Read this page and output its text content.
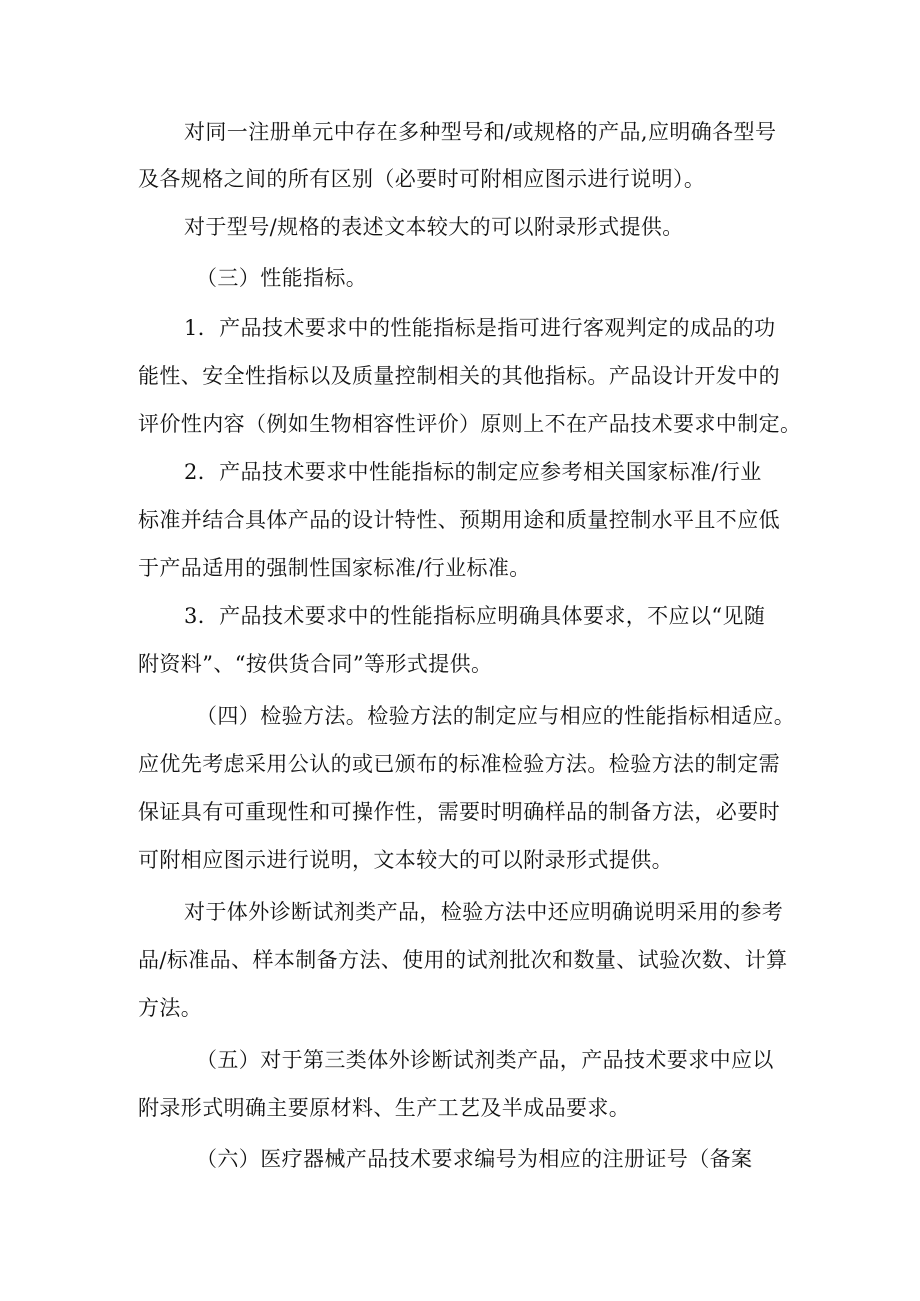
对同一注册单元中存在多种型号和/或规格的产品,应明确各型号
及各规格之间的所有区别（必要时可附相应图示进行说明）。
对于型号/规格的表述文本较大的可以附录形式提供。
（三）性能指标。
1．产品技术要求中的性能指标是指可进行客观判定的成品的功
能性、安全性指标以及质量控制相关的其他指标。产品设计开发中的
评价性内容（例如生物相容性评价）原则上不在产品技术要求中制定。
2．产品技术要求中性能指标的制定应参考相关国家标准/行业
标准并结合具体产品的设计特性、预期用途和质量控制水平且不应低
于产品适用的强制性国家标准/行业标准。
3．产品技术要求中的性能指标应明确具体要求，不应以“见随
附资料”、“按供货合同”等形式提供。
（四）检验方法。检验方法的制定应与相应的性能指标相适应。
应优先考虑采用公认的或已颁布的标准检验方法。检验方法的制定需
保证具有可重现性和可操作性，需要时明确样品的制备方法，必要时
可附相应图示进行说明，文本较大的可以附录形式提供。
对于体外诊断试剂类产品，检验方法中还应明确说明采用的参考
品/标准品、样本制备方法、使用的试剂批次和数量、试验次数、计算
方法。
（五）对于第三类体外诊断试剂类产品，产品技术要求中应以
附录形式明确主要原材料、生产工艺及半成品要求。
（六）医疗器械产品技术要求编号为相应的注册证号（备案
